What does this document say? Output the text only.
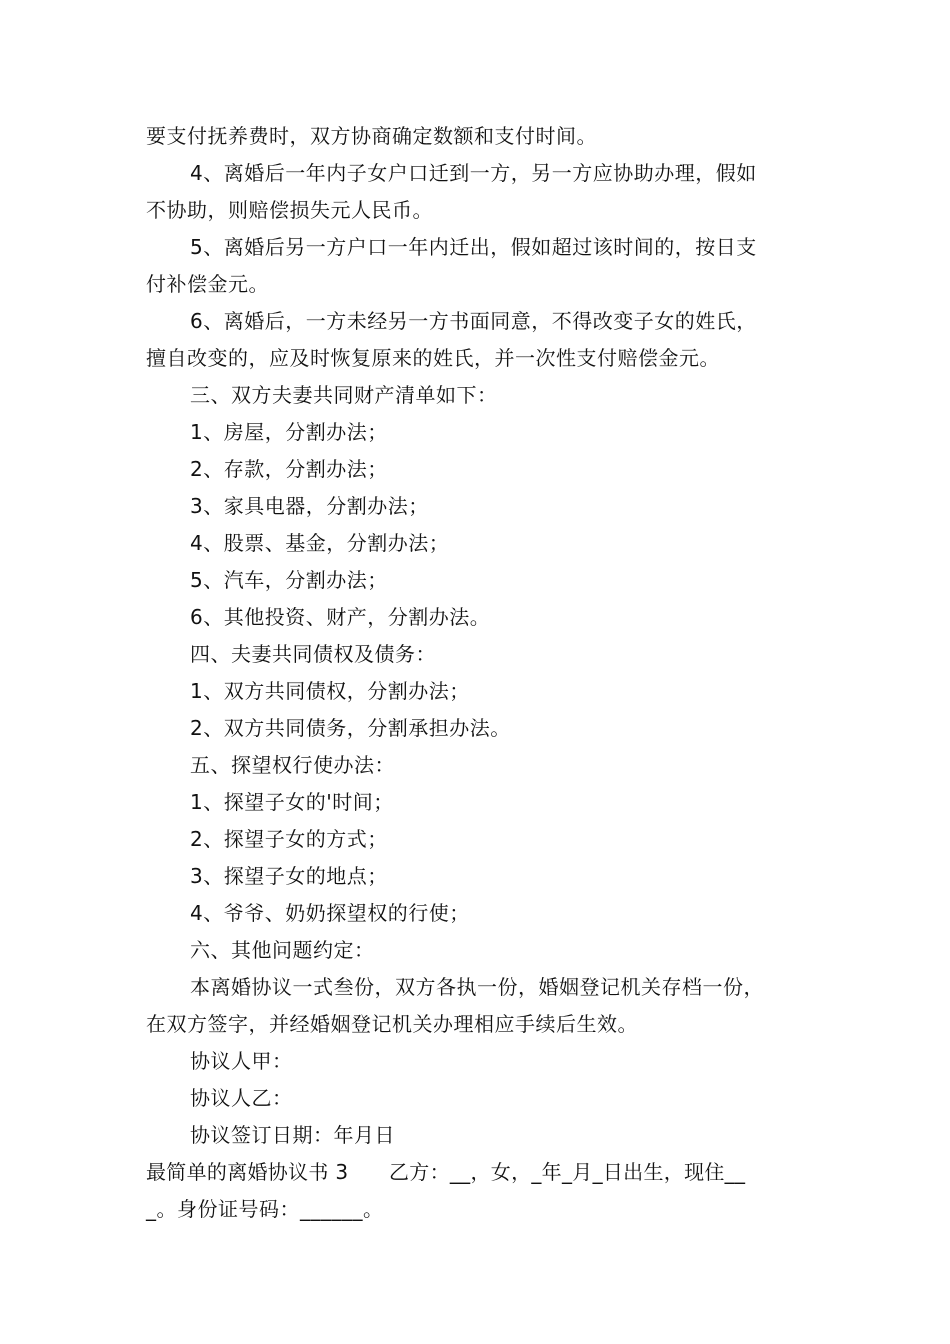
要支付抚养费时，双方协商确定数额和支付时间。
4、离婚后一年内子女户口迁到一方，另一方应协助办理，假如
不协助，则赔偿损失元人民币。
5、离婚后另一方户口一年内迁出，假如超过该时间的，按日支
付补偿金元。
6、离婚后，一方未经另一方书面同意，不得改变子女的姓氏，
擅自改变的，应及时恢复原来的姓氏，并一次性支付赔偿金元。
三、双方夫妻共同财产清单如下：
1、房屋，分割办法；
2、存款，分割办法；
3、家具电器，分割办法；
4、股票、基金，分割办法；
5、汽车，分割办法；
6、其他投资、财产，分割办法。
四、夫妻共同债权及债务：
1、双方共同债权，分割办法；
2、双方共同债务，分割承担办法。
五、探望权行使办法：
1、探望子女的'时间；
2、探望子女的方式；
3、探望子女的地点；
4、爷爷、奶奶探望权的行使；
六、其他问题约定：
本离婚协议一式叁份，双方各执一份，婚姻登记机关存档一份，
在双方签字，并经婚姻登记机关办理相应手续后生效。
协议人甲：
协议人乙：
协议签订日期：年月日
最简单的离婚协议书 3　　乙方：__，女，_年_月_日出生，现住__
_。身份证号码：______。
